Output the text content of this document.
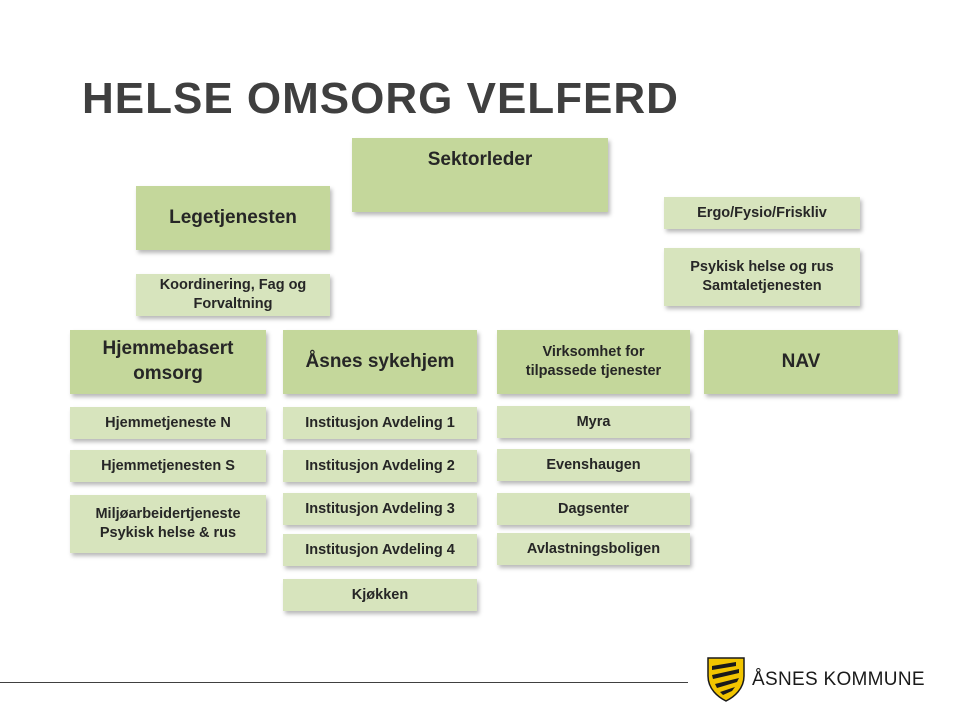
HELSE OMSORG VELFERD
Sektorleder
Legetjenesten
Koordinering, Fag og
Forvaltning
Ergo/Fysio/Friskliv
Psykisk helse og rus
Samtaletjenesten
Hjemmebasert
omsorg
Åsnes sykehjem	Virksomhet for
tilpassede tjenester	NAV
Hjemmetjeneste N
Hjemmetjenesten S
Miljøarbeidertjeneste
Psykisk helse & rus
Institusjon Avdeling 1
Institusjon Avdeling 2
Institusjon Avdeling 3
Institusjon Avdeling 4
Kjøkken
Myra
Evenshaugen
Dagsenter
Avlastningsboligen
ÅSNES KOMMUNE
